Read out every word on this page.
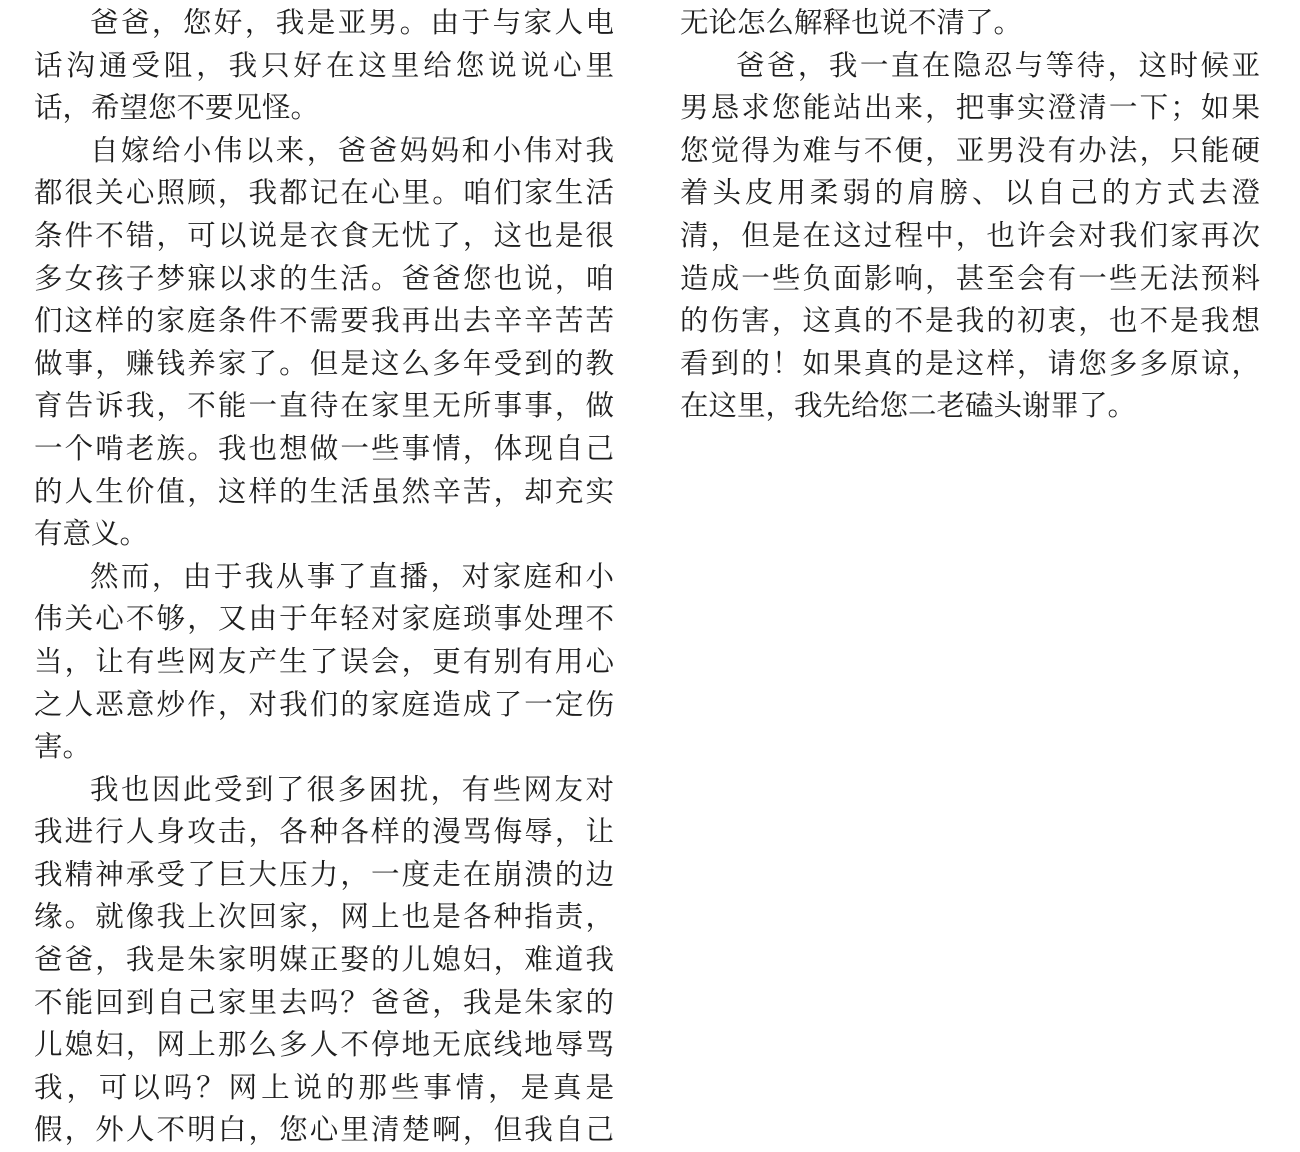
爸爸，您好，我是亚男。由于与家人电
话沟通受阻，我只好在这里给您说说心里
话，希望您不要见怪。
自嫁给小伟以来，爸爸妈妈和小伟对我
都很关心照顾，我都记在心里。咱们家生活
条件不错，可以说是衣食无忧了，这也是很
多女孩子梦寐以求的生活。爸爸您也说，咱
们这样的家庭条件不需要我再出去辛辛苦苦
做事，赚钱养家了。但是这么多年受到的教
育告诉我，不能一直待在家里无所事事，做
一个啃老族。我也想做一些事情，体现自己
的人生价值，这样的生活虽然辛苦，却充实
有意义。
然而，由于我从事了直播，对家庭和小
伟关心不够，又由于年轻对家庭琐事处理不
当，让有些网友产生了误会，更有别有用心
之人恶意炒作，对我们的家庭造成了一定伤
害。
我也因此受到了很多困扰，有些网友对
我进行人身攻击，各种各样的漫骂侮辱，让
我精神承受了巨大压力，一度走在崩溃的边
缘。就像我上次回家，网上也是各种指责，
爸爸，我是朱家明媒正娶的儿媳妇，难道我
不能回到自己家里去吗？爸爸，我是朱家的
儿媳妇，网上那么多人不停地无底线地辱骂
我，可以吗？网上说的那些事情，是真是
假，外人不明白，您心里清楚啊，但我自己
无论怎么解释也说不清了。
爸爸，我一直在隐忍与等待，这时候亚
男恳求您能站出来，把事实澄清一下；如果
您觉得为难与不便，亚男没有办法，只能硬
着头皮用柔弱的肩膀、以自己的方式去澄
清，但是在这过程中，也许会对我们家再次
造成一些负面影响，甚至会有一些无法预料
的伤害，这真的不是我的初衷，也不是我想
看到的！如果真的是这样，请您多多原谅，
在这里，我先给您二老磕头谢罪了。
